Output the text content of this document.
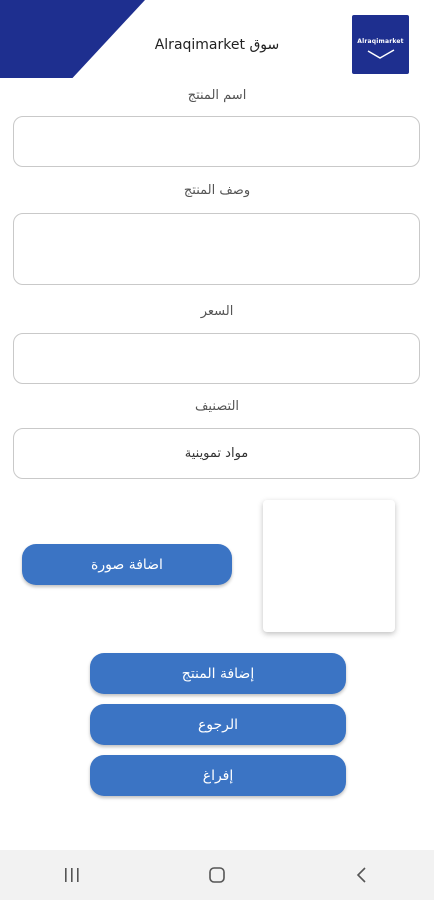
Alraqimarket سوق	Alraqimarket
اسم المنتج
وصف المنتج
السعر
التصنيف
مواد تموينية
اضافة صورة
إضافة المنتج
الرجوع
إفراغ
